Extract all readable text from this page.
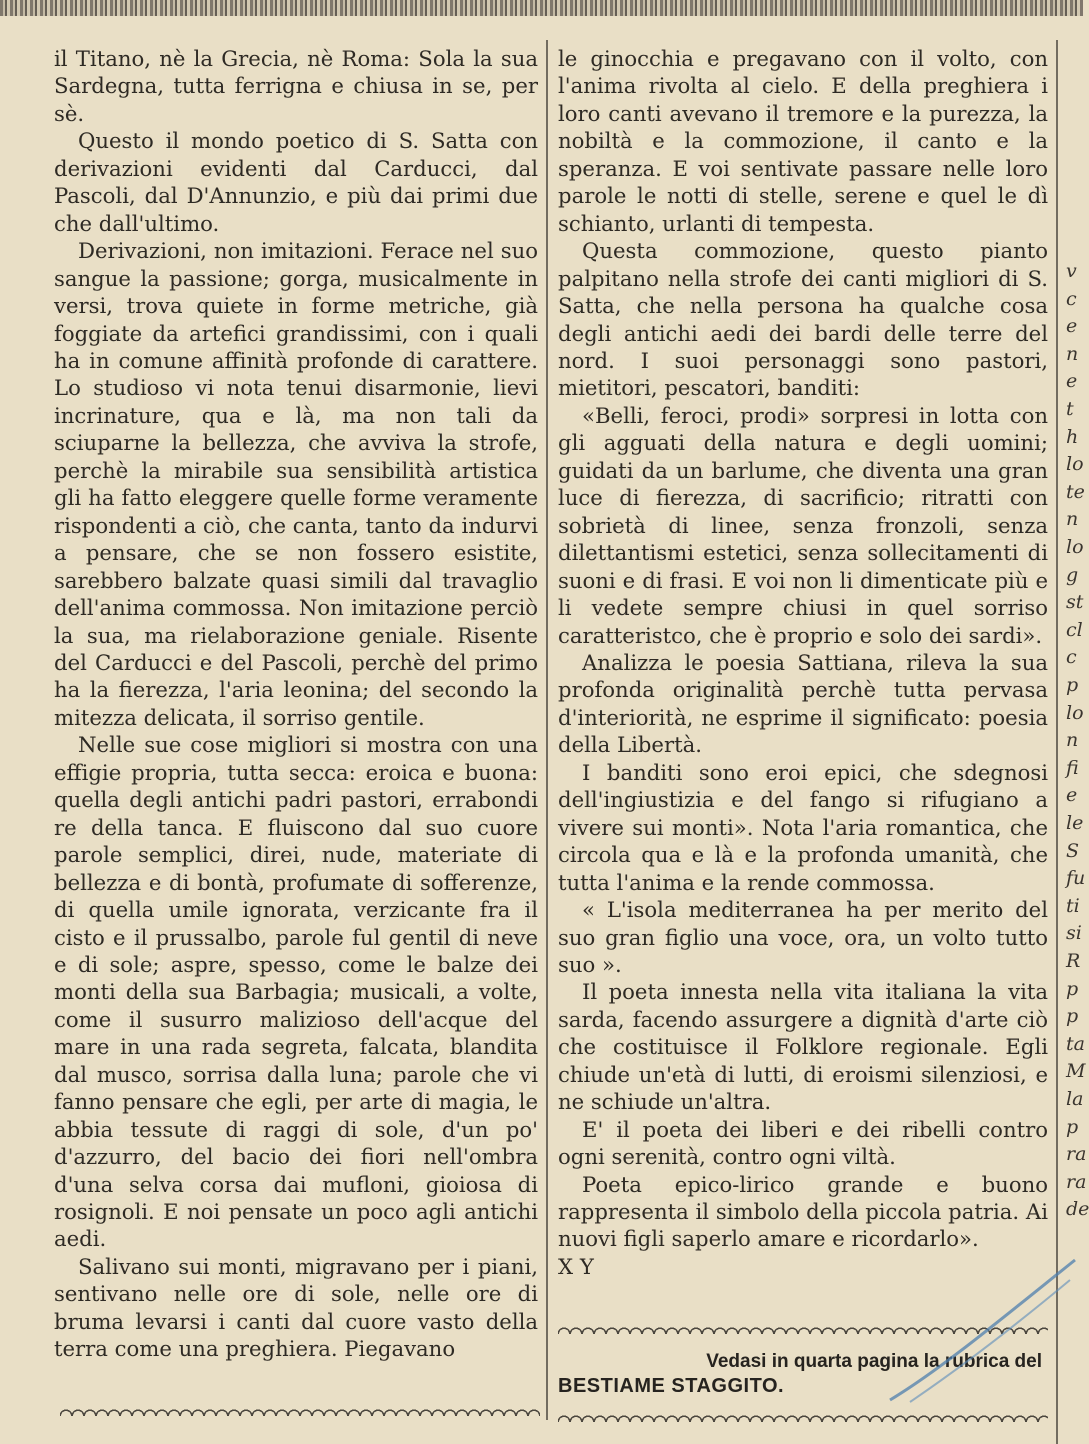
il Titano, nè la Grecia, nè Roma: Sola la sua Sardegna, tutta ferrigna e chiusa in se, per sè.

Questo il mondo poetico di S. Satta con derivazioni evidenti dal Carducci, dal Pascoli, dal D'Annunzio, e più dai primi due che dall'ultimo.

Derivazioni, non imitazioni. Ferace nel suo sangue la passione; gorga, musicalmente in versi, trova quiete in forme metriche, già foggiate da artefici grandissimi, con i quali ha in comune affinità profonde di carattere. Lo studioso vi nota tenui disarmonie, lievi incrinature, qua e là, ma non tali da sciuparne la bellezza, che avviva la strofe, perchè la mirabile sua sensibilità artistica gli ha fatto eleggere quelle forme veramente rispondenti a ciò, che canta, tanto da indurvi a pensare, che se non fossero esistite, sarebbero balzate quasi simili dal travaglio dell'anima commossa. Non imitazione perciò la sua, ma rielaborazione geniale. Risente del Carducci e del Pascoli, perchè del primo ha la fierezza, l'aria leonina; del secondo la mitezza delicata, il sorriso gentile.

Nelle sue cose migliori si mostra con una effigie propria, tutta secca: eroica e buona: quella degli antichi padri pastori, errabondi re della tanca. E fluiscono dal suo cuore parole semplici, direi, nude, materiate di bellezza e di bontà, profumate di sofferenze, di quella umile ignorata, verzicante fra il cisto e il prussalbo, parole ful gentil di neve e di sole; aspre, spesso, come le balze dei monti della sua Barbagia; musicali, a volte, come il susurro malizioso dell'acque del mare in una rada segreta, falcata, blandita dal musco, sorrisa dalla luna; parole che vi fanno pensare che egli, per arte di magia, le abbia tessute di raggi di sole, d'un po' d'azzurro, del bacio dei fiori nell'ombra d'una selva corsa dai mufloni, gioiosa di rosignoli. E noi pensate un poco agli antichi aedi.

Salivano sui monti, migravano per i piani, sentivano nelle ore di sole, nelle ore di bruma levarsi i canti dal cuore vasto della terra come una preghiera. Piegavano

le ginocchia e pregavano con il volto, con l'anima rivolta al cielo. E della preghiera i loro canti avevano il tremore e la purezza, la nobiltà e la commozione, il canto e la speranza. E voi sentivate passare nelle loro parole le notti di stelle, serene e quel le dì schianto, urlanti di tempesta.

Questa commozione, questo pianto palpitano nella strofe dei canti migliori di S. Satta, che nella persona ha qualche cosa degli antichi aedi dei bardi delle terre del nord. I suoi personaggi sono pastori, mietitori, pescatori, banditi:

«Belli, feroci, prodi» sorpresi in lotta con gli agguati della natura e degli uomini; guidati da un barlume, che diventa una gran luce di fierezza, di sacrificio; ritratti con sobrietà di linee, senza fronzoli, senza dilettantismi estetici, senza sollecitamenti di suoni e di frasi. E voi non li dimenticate più e li vedete sempre chiusi in quel sorriso caratteristco, che è proprio e solo dei sardi».

Analizza le poesia Sattiana, rileva la sua profonda originalità perchè tutta pervasa d'interiorità, ne esprime il significato: poesia della Libertà.

I banditi sono eroi epici, che sdegnosi dell'ingiustizia e del fango si rifugiano a vivere sui monti». Nota l'aria romantica, che circola qua e là e la profonda umanità, che tutta l'anima e la rende commossa.

« L'isola mediterranea ha per merito del suo gran figlio una voce, ora, un volto tutto suo ».

Il poeta innesta nella vita italiana la vita sarda, facendo assurgere a dignità d'arte ciò che costituisce il Folklore regionale. Egli chiude un'età di lutti, di eroismi silenziosi, e ne schiude un'altra.

E' il poeta dei liberi e dei ribelli contro ogni serenità, contro ogni viltà.

Poeta epico-lirico grande e buono rappresenta il simbolo della piccola patria. Ai nuovi figli saperlo amare e ricordarlo».

X Y

Vedasi in quarta pagina la rubrica del
BESTIAME STAGGITO.
v
c
e
n
e
t
h
lo
te
n
lo
g
st
cl
c
p
lo
n
fi
e
le
S
fu
ti
si
R
p
p
ta
M
la
p
ra
ra
de
